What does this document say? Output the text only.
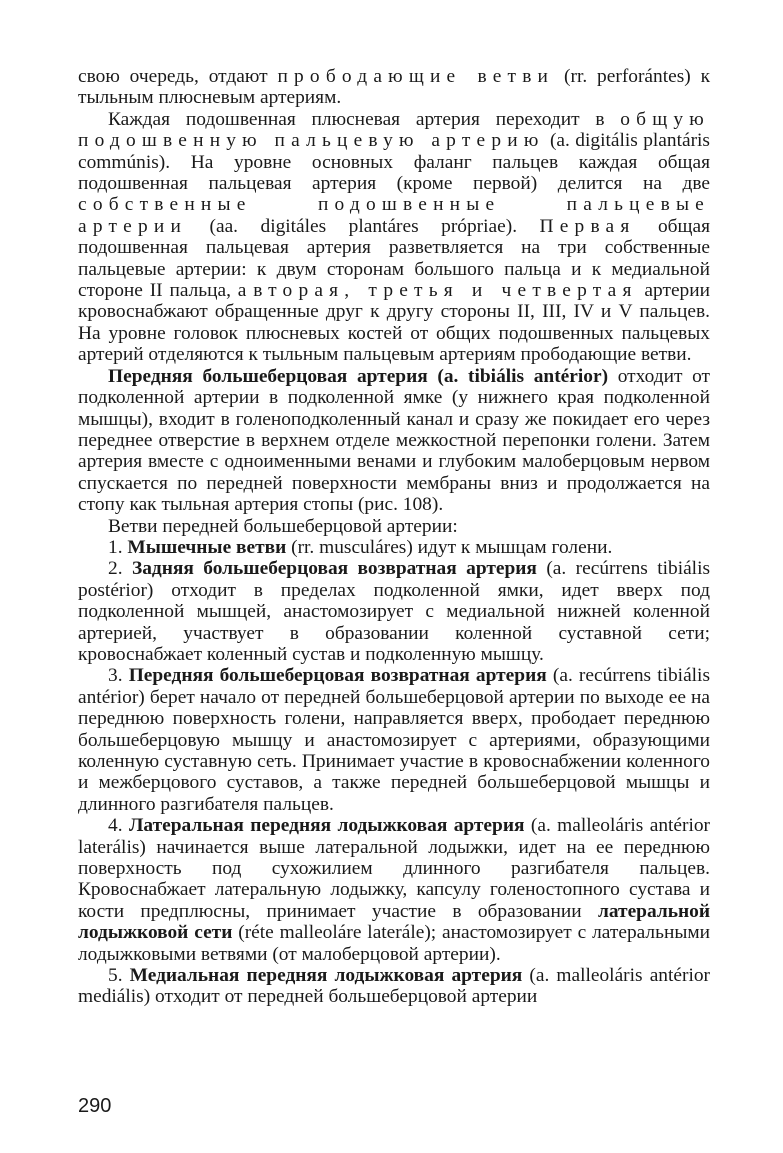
свою очередь, отдают прободающие ветви (rr. perforántes) к тыльным плюсневым артериям.

Каждая подошвенная плюсневая артерия переходит в общую подошвенную пальцевую артерию (a. digitális plantáris commúnis). На уровне основных фаланг пальцев каждая общая подошвенная пальцевая артерия (кроме первой) делится на две собственные подошвенные пальцевые артерии (aa. digitáles plantáres própriae). Первая общая подошвенная пальцевая артерия разветвляется на три собственные пальцевые артерии: к двум сторонам большого пальца и к медиальной стороне II пальца, а вторая, третья и четвертая артерии кровоснабжают обращенные друг к другу стороны II, III, IV и V пальцев. На уровне головок плюсневых костей от общих подошвенных пальцевых артерий отделяются к тыльным пальцевым артериям прободающие ветви.

Передняя большеберцовая артерия (a. tibiális antérior) отходит от подколенной артерии в подколенной ямке (у нижнего края подколенной мышцы), входит в голеноподколенный канал и сразу же покидает его через переднее отверстие в верхнем отделе межкостной перепонки голени. Затем артерия вместе с одноименными венами и глубоким малоберцовым нервом спускается по передней поверхности мембраны вниз и продолжается на стопу как тыльная артерия стопы (рис. 108).

Ветви передней большеберцовой артерии:

1. Мышечные ветви (rr. musculáres) идут к мышцам голени.

2. Задняя большеберцовая возвратная артерия (a. recúrrens tibiális postérior) отходит в пределах подколенной ямки, идет вверх под подколенной мышцей, анастомозирует с медиальной нижней коленной артерией, участвует в образовании коленной суставной сети; кровоснабжает коленный сустав и подколенную мышцу.

3. Передняя большеберцовая возвратная артерия (a. recúrrens tibiális antérior) берет начало от передней большеберцовой артерии по выходе ее на переднюю поверхность голени, направляется вверх, прободает переднюю большеберцовую мышцу и анастомозирует с артериями, образующими коленную суставную сеть. Принимает участие в кровоснабжении коленного и межберцового суставов, а также передней большеберцовой мышцы и длинного разгибателя пальцев.

4. Латеральная передняя лодыжковая артерия (a. malleoláris antérior laterális) начинается выше латеральной лодыжки, идет на ее переднюю поверхность под сухожилием длинного разгибателя пальцев. Кровоснабжает латеральную лодыжку, капсулу голеностопного сустава и кости предплюсны, принимает участие в образовании латеральной лодыжковой сети (réte malleoláre laterále); анастомозирует с латеральными лодыжковыми ветвями (от малоберцовой артерии).

5. Медиальная передняя лодыжковая артерия (a. malleoláris antérior mediális) отходит от передней большеберцовой артерии

290
